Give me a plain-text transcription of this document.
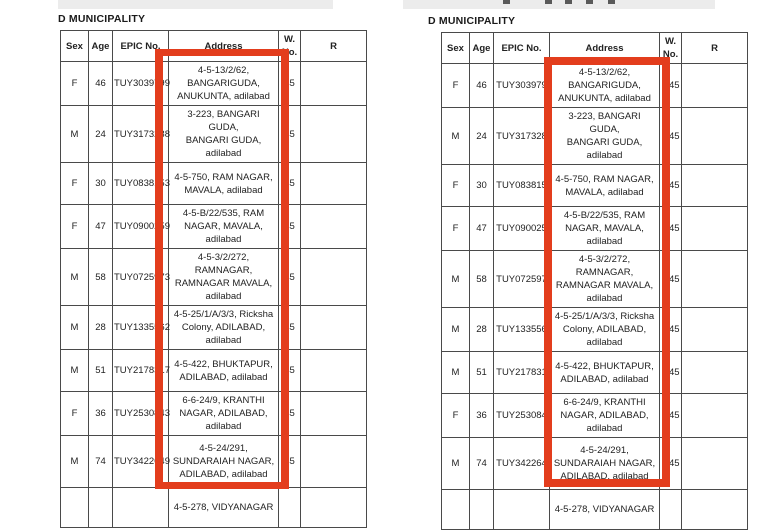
D MUNICIPALITY
Sex	Age	EPIC No.	Address	W.
No.	R
F	46	TUY3039799	4-5-13/2/62,
BANGARIGUDA,
ANUKUNTA, adilabad	45	
M	24	TUY3173288	3-223, BANGARI GUDA,
BANGARI GUDA,
adilabad	45	
F	30	TUY0838153	4-5-750, RAM NAGAR,
MAVALA, adilabad	45	
F	47	TUY0900259	4-5-B/22/535, RAM
NAGAR, MAVALA,
adilabad	45	
M	58	TUY0725973	4-5-3/2/272,
RAMNAGAR,
RAMNAGAR MAVALA,
adilabad	45	
M	28	TUY1335562	4-5-25/1/A/3/3, Ricksha
Colony, ADILABAD,
adilabad	45	
M	51	TUY2178317	4-5-422, BHUKTAPUR,
ADILABAD, adilabad	45	
F	36	TUY2530843	6-6-24/9, KRANTHI
NAGAR, ADILABAD,
adilabad	45	
M	74	TUY3422649	4-5-24/291,
SUNDARAIAH NAGAR,
ADILABAD, adilabad	45	
			4-5-278, VIDYANAGAR		
D MUNICIPALITY
Sex	Age	EPIC No.	Address	W.
No.	R
F	46	TUY303979	4-5-13/2/62,
BANGARIGUDA,
ANUKUNTA, adilabad	45	
M	24	TUY317328	3-223, BANGARI GUDA,
BANGARI GUDA,
adilabad	45	
F	30	TUY083815	4-5-750, RAM NAGAR,
MAVALA, adilabad	45	
F	47	TUY090025	4-5-B/22/535, RAM
NAGAR, MAVALA,
adilabad	45	
M	58	TUY072597	4-5-3/2/272,
RAMNAGAR,
RAMNAGAR MAVALA,
adilabad	45	
M	28	TUY133556	4-5-25/1/A/3/3, Ricksha
Colony, ADILABAD,
adilabad	45	
M	51	TUY217831	4-5-422, BHUKTAPUR,
ADILABAD, adilabad	45	
F	36	TUY253084	6-6-24/9, KRANTHI
NAGAR, ADILABAD,
adilabad	45	
M	74	TUY342264	4-5-24/291,
SUNDARAIAH NAGAR,
ADILABAD, adilabad	45	
			4-5-278, VIDYANAGAR		
